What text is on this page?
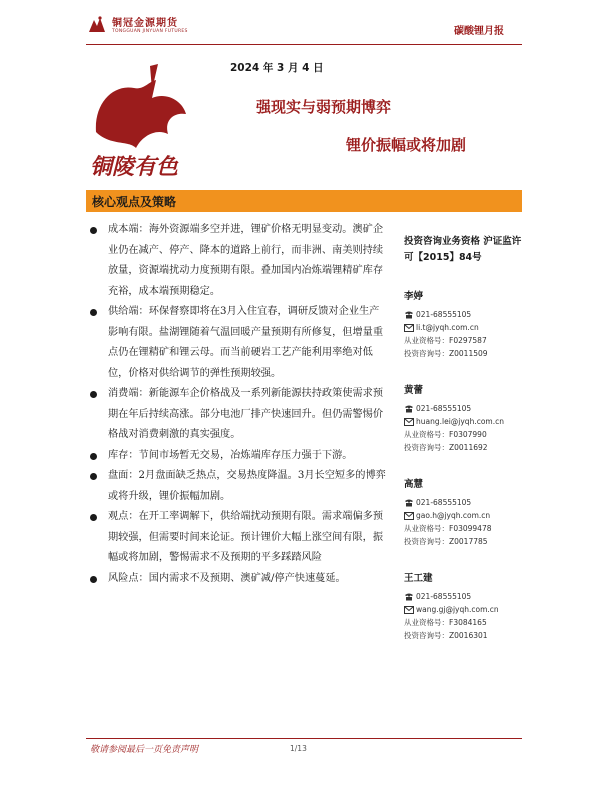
铜冠金源期货
TONGGUAN JINYUAN FUTURES	碳酸锂月报
2024 年 3 月 4 日
铜陵有色
强现实与弱预期博弈
锂价振幅或将加剧
核心观点及策略
成本端：海外资源端多空并进，锂矿价格无明显变动。澳矿企业仍在减产、停产、降本的道路上前行，而非洲、南美则持续放量，资源端扰动力度预期有限。叠加国内冶炼端锂精矿库存充裕，成本端预期稳定。
供给端：环保督察即将在3月入住宜春，调研反馈对企业生产影响有限。盐湖锂随着气温回暖产量预期有所修复，但增量重点仍在锂精矿和锂云母。而当前硬岩工艺产能利用率绝对低位，价格对供给调节的弹性预期较强。
消费端：新能源车企价格战及一系列新能源扶持政策使需求预期在年后持续高涨。部分电池厂排产快速回升。但仍需警惕价格战对消费刺激的真实强度。
库存：节间市场暂无交易，冶炼端库存压力强于下游。
盘面：2月盘面缺乏热点，交易热度降温。3月长空短多的博弈或将升级，锂价振幅加剧。
观点：在开工率调解下，供给端扰动预期有限。需求端偏多预期较强，但需要时间来论证。预计锂价大幅上涨空间有限，振幅或将加剧，警惕需求不及预期的平多踩踏风险
风险点：国内需求不及预期、澳矿减/停产快速蔓延。
投资咨询业务资格 沪证监许可【2015】84号
李婷
021-68555105
li.t@jyqh.com.cn
从业资格号：F0297587
投资咨询号：Z0011509
黄蕾
021-68555105
huang.lei@jyqh.com.cn
从业资格号：F0307990
投资咨询号：Z0011692
高慧
021-68555105
gao.h@jyqh.com.cn
从业资格号：F03099478
投资咨询号：Z0017785
王工建
021-68555105
wang.gj@jyqh.com.cn
从业资格号：F3084165
投资咨询号：Z0016301
敬请参阅最后一页免责声明	1/13
